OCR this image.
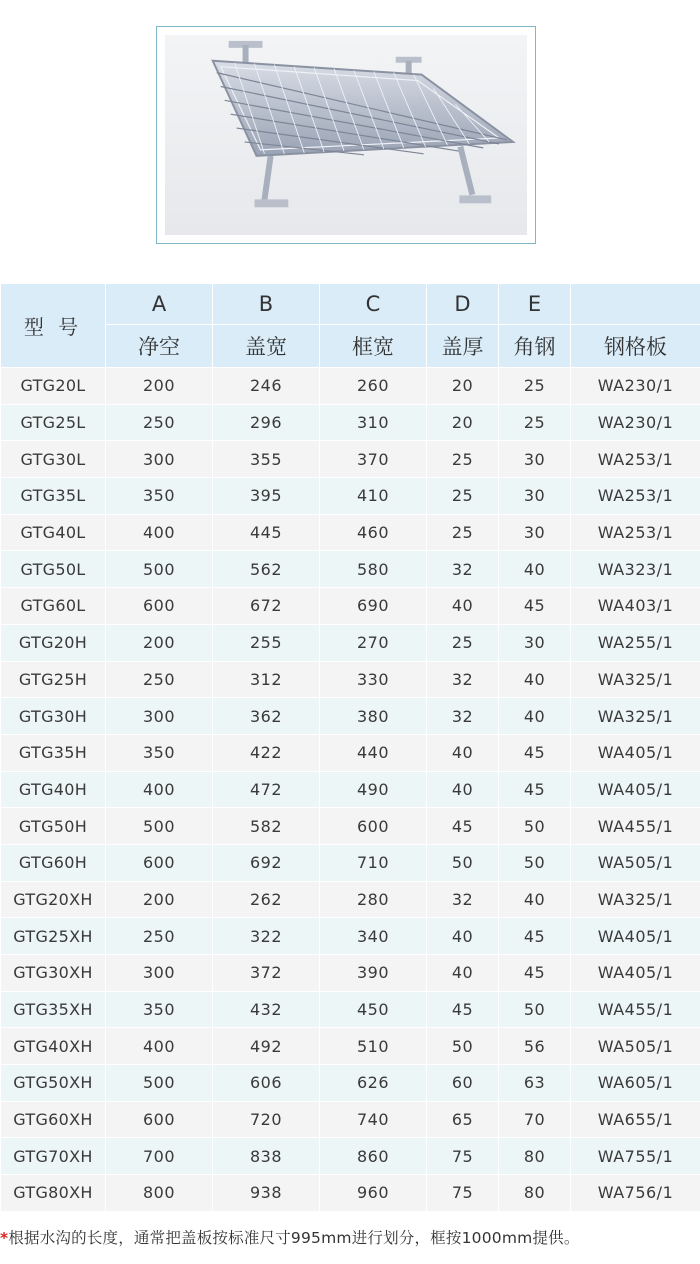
型 号	A	B	C	D	E	
	净空	盖宽	框宽	盖厚	角钢	钢格板
GTG20L	200	246	260	20	25	WA230/1
GTG25L	250	296	310	20	25	WA230/1
GTG30L	300	355	370	25	30	WA253/1
GTG35L	350	395	410	25	30	WA253/1
GTG40L	400	445	460	25	30	WA253/1
GTG50L	500	562	580	32	40	WA323/1
GTG60L	600	672	690	40	45	WA403/1
GTG20H	200	255	270	25	30	WA255/1
GTG25H	250	312	330	32	40	WA325/1
GTG30H	300	362	380	32	40	WA325/1
GTG35H	350	422	440	40	45	WA405/1
GTG40H	400	472	490	40	45	WA405/1
GTG50H	500	582	600	45	50	WA455/1
GTG60H	600	692	710	50	50	WA505/1
GTG20XH	200	262	280	32	40	WA325/1
GTG25XH	250	322	340	40	45	WA405/1
GTG30XH	300	372	390	40	45	WA405/1
GTG35XH	350	432	450	45	50	WA455/1
GTG40XH	400	492	510	50	56	WA505/1
GTG50XH	500	606	626	60	63	WA605/1
GTG60XH	600	720	740	65	70	WA655/1
GTG70XH	700	838	860	75	80	WA755/1
GTG80XH	800	938	960	75	80	WA756/1
*根据水沟的长度，通常把盖板按标准尺寸995mm进行划分，框按1000mm提供。
